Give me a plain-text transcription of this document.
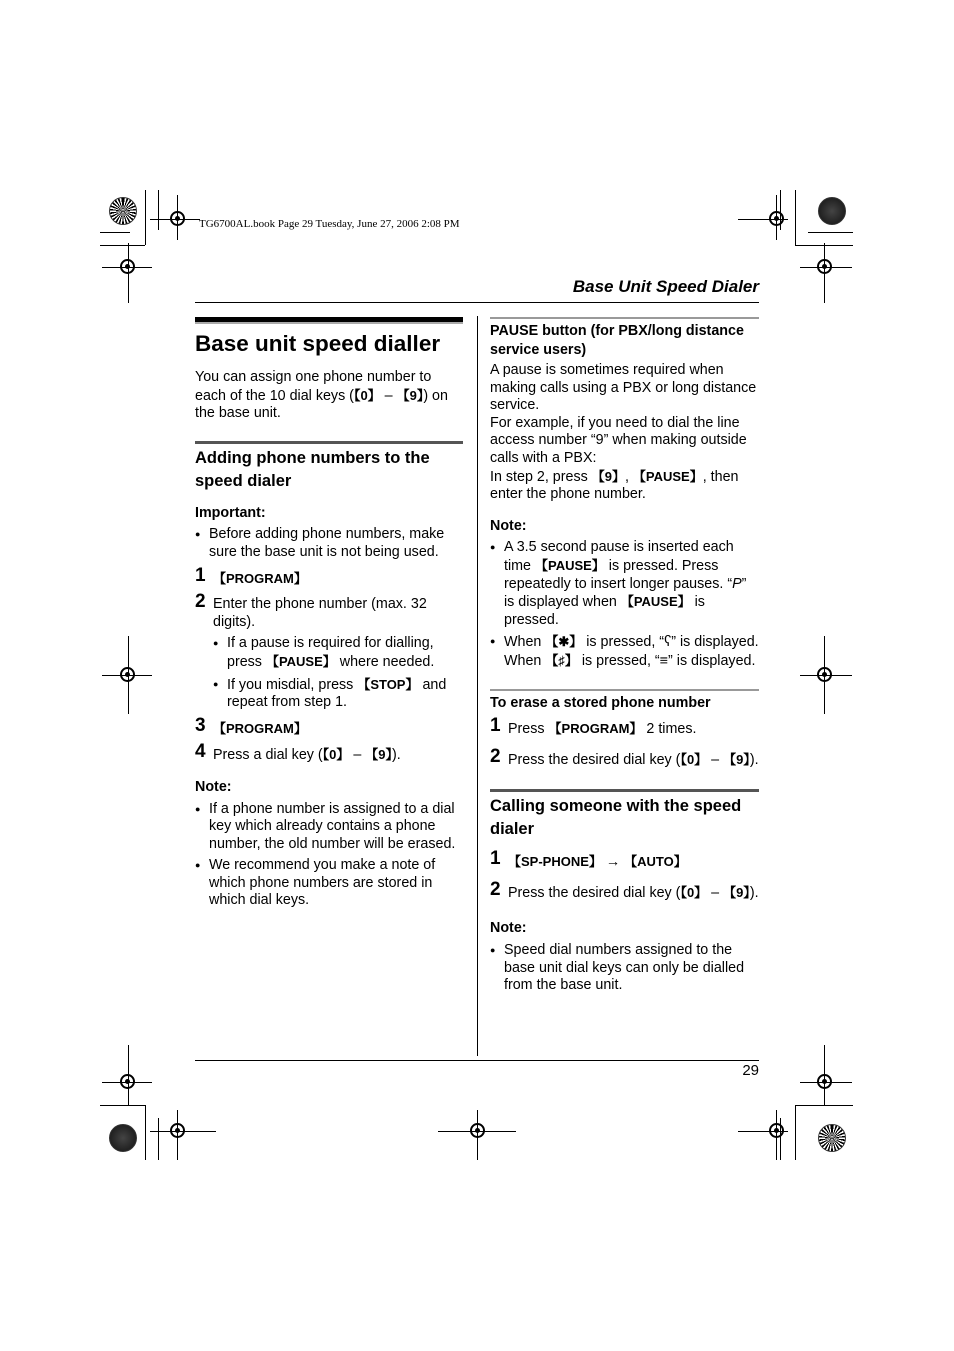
TG6700AL.book Page 29 Tuesday, June 27, 2006 2:08 PM
Base Unit Speed Dialer
29
Base unit speed dialler

You can assign one phone number to each of the 10 dial keys (【0】 – 【9】) on the base unit.

Adding phone numbers to the speed dialer
Important:
● Before adding phone numbers, make sure the base unit is not being used.
1 【PROGRAM】
2 Enter the phone number (max. 32 digits).
● If a pause is required for dialling, press 【PAUSE】 where needed.
● If you misdial, press 【STOP】 and repeat from step 1.
3 【PROGRAM】
4 Press a dial key (【0】 – 【9】).
Note:
● If a phone number is assigned to a dial key which already contains a phone number, the old number will be erased.
● We recommend you make a note of which phone numbers are stored in which dial keys.
PAUSE button (for PBX/long distance service users)

A pause is sometimes required when making calls using a PBX or long distance service.

For example, if you need to dial the line access number “9” when making outside calls with a PBX:

In step 2, press 【9】, 【PAUSE】, then enter the phone number.

Note:
● A 3.5 second pause is inserted each time 【PAUSE】 is pressed. Press repeatedly to insert longer pauses. “P” is displayed when 【PAUSE】 is pressed.
● When 【✱】 is pressed, “ʕ” is displayed. When 【♯】 is pressed, “≡” is displayed.
To erase a stored phone number
1 Press 【PROGRAM】 2 times.
2 Press the desired dial key (【0】 – 【9】).
Calling someone with the speed dialer
1 【SP-PHONE】 → 【AUTO】
2 Press the desired dial key (【0】 – 【9】).
Note:
● Speed dial numbers assigned to the base unit dial keys can only be dialled from the base unit.
